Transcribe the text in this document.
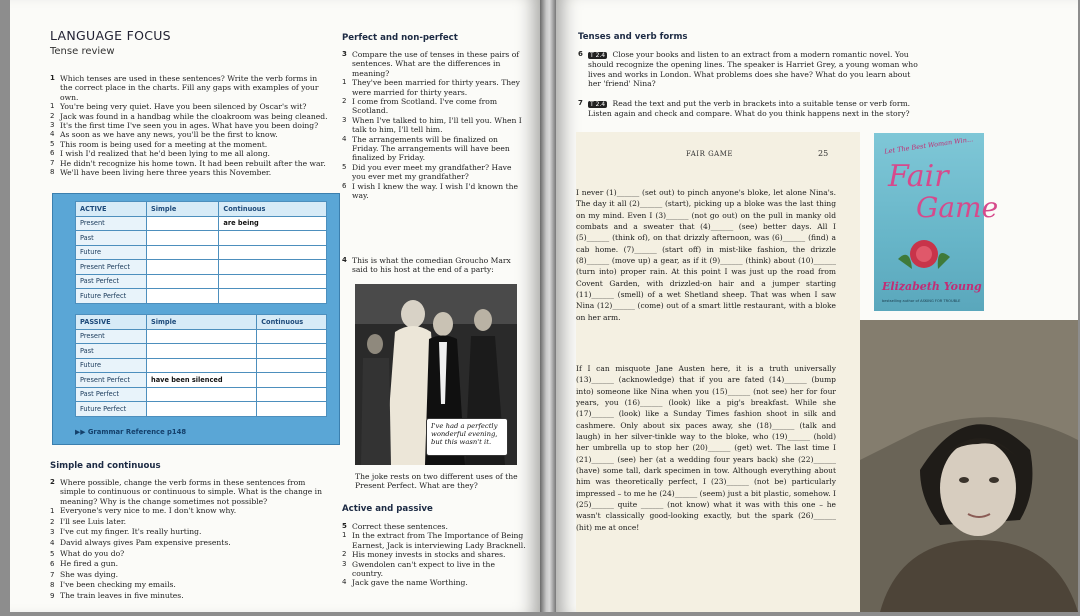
LANGUAGE FOCUS
Tense review
1 Which tenses are used in these sentences? Write the verb forms in the correct place in the charts. Fill any gaps with examples of your own.
1 You're being very quiet. Have you been silenced by Oscar's wit?
2 Jack was found in a handbag while the cloakroom was being cleaned.
3 It's the first time I've seen you in ages. What have you been doing?
4 As soon as we have any news, you'll be the first to know.
5 This room is being used for a meeting at the moment.
6 I wish I'd realized that he'd been lying to me all along.
7 He didn't recognize his home town. It had been rebuilt after the war.
8 We'll have been living here three years this November.
ACTIVE	Simple	Continuous
Present		are being
Past		
Future		
Present Perfect		
Past Perfect		
Future Perfect		
PASSIVE	Simple	Continuous
Present		
Past		
Future		
Present Perfect	have been silenced	
Past Perfect		
Future Perfect		
▶▶ Grammar Reference p148
Simple and continuous
2 Where possible, change the verb forms in these sentences from simple to continuous or continuous to simple. What is the change in meaning? Why is the change sometimes not possible?
1 Everyone's very nice to me. I don't know why.
2 I'll see Luis later.
3 I've cut my finger. It's really hurting.
4 David always gives Pam expensive presents.
5 What do you do?
6 He fired a gun.
7 She was dying.
8 I've been checking my emails.
9 The train leaves in five minutes.
Perfect and non-perfect
3 Compare the use of tenses in these pairs of sentences. What are the differences in meaning?
1 They've been married for thirty years. They were married for thirty years.
2 I come from Scotland. I've come from Scotland.
3 When I've talked to him, I'll tell you. When I talk to him, I'll tell him.
4 The arrangements will be finalized on Friday. The arrangements will have been finalized by Friday.
5 Did you ever meet my grandfather? Have you ever met my grandfather?
6 I wish I knew the way. I wish I'd known the way.
4 This is what the comedian Groucho Marx said to his host at the end of a party:
I've had a perfectly wonderful evening, but this wasn't it.
The joke rests on two different uses of the Present Perfect. What are they?
Active and passive
5 Correct these sentences.
1 In the extract from The Importance of Being Earnest, Jack is interviewing Lady Bracknell.
2 His money invests in stocks and shares.
3 Gwendolen can't expect to live in the country.
4 Jack gave the name Worthing.
Tenses and verb forms
6	T 2.4 Close your books and listen to an extract from a modern romantic novel. You should recognize the opening lines. The speaker is Harriet Grey, a young woman who lives and works in London. What problems does she have? What do you learn about her 'friend' Nina?
7	T 2.4 Read the text and put the verb in brackets into a suitable tense or verb form. Listen again and check and compare. What do you think happens next in the story?
Let The Best Woman Win...
Fair
Game
Elizabeth Young
bestselling author of ASKING FOR TROUBLE
FAIR GAME	25
I never (1)______ (set out) to pinch anyone's bloke, let alone Nina's. The day it all (2)______ (start), picking up a bloke was the last thing on my mind. Even I (3)______ (not go out) on the pull in manky old combats and a sweater that (4)______ (see) better days. All I (5)______ (think of), on that drizzly afternoon, was (6)______ (find) a cab home. (7)______ (start off) in mist-like fashion, the drizzle (8)______ (move up) a gear, as if it (9)______ (think) about (10)______ (turn into) proper rain. At this point I was just up the road from Covent Garden, with drizzled-on hair and a jumper starting (11)______ (smell) of a wet Shetland sheep. That was when I saw Nina (12)______ (come) out of a smart little restaurant, with a bloke on her arm.
If I can misquote Jane Austen here, it is a truth universally (13)______ (acknowledge) that if you are fated (14)______ (bump into) someone like Nina when you (15)______ (not see) her for four years, you (16)______ (look) like a pig's breakfast. While she (17)______ (look) like a Sunday Times fashion shoot in silk and cashmere. Only about six paces away, she (18)______ (talk and laugh) in her silver-tinkle way to the bloke, who (19)______ (hold) her umbrella up to stop her (20)______ (get) wet. The last time I (21)______ (see) her (at a wedding four years back) she (22)______ (have) some tall, dark specimen in tow. Although everything about him was theoretically perfect, I (23)______ (not be) particularly impressed – to me he (24)______ (seem) just a bit plastic, somehow. I (25)______ quite ______ (not know) what it was with this one – he wasn't classically good-looking exactly, but the spark (26)______ (hit) me at once!
